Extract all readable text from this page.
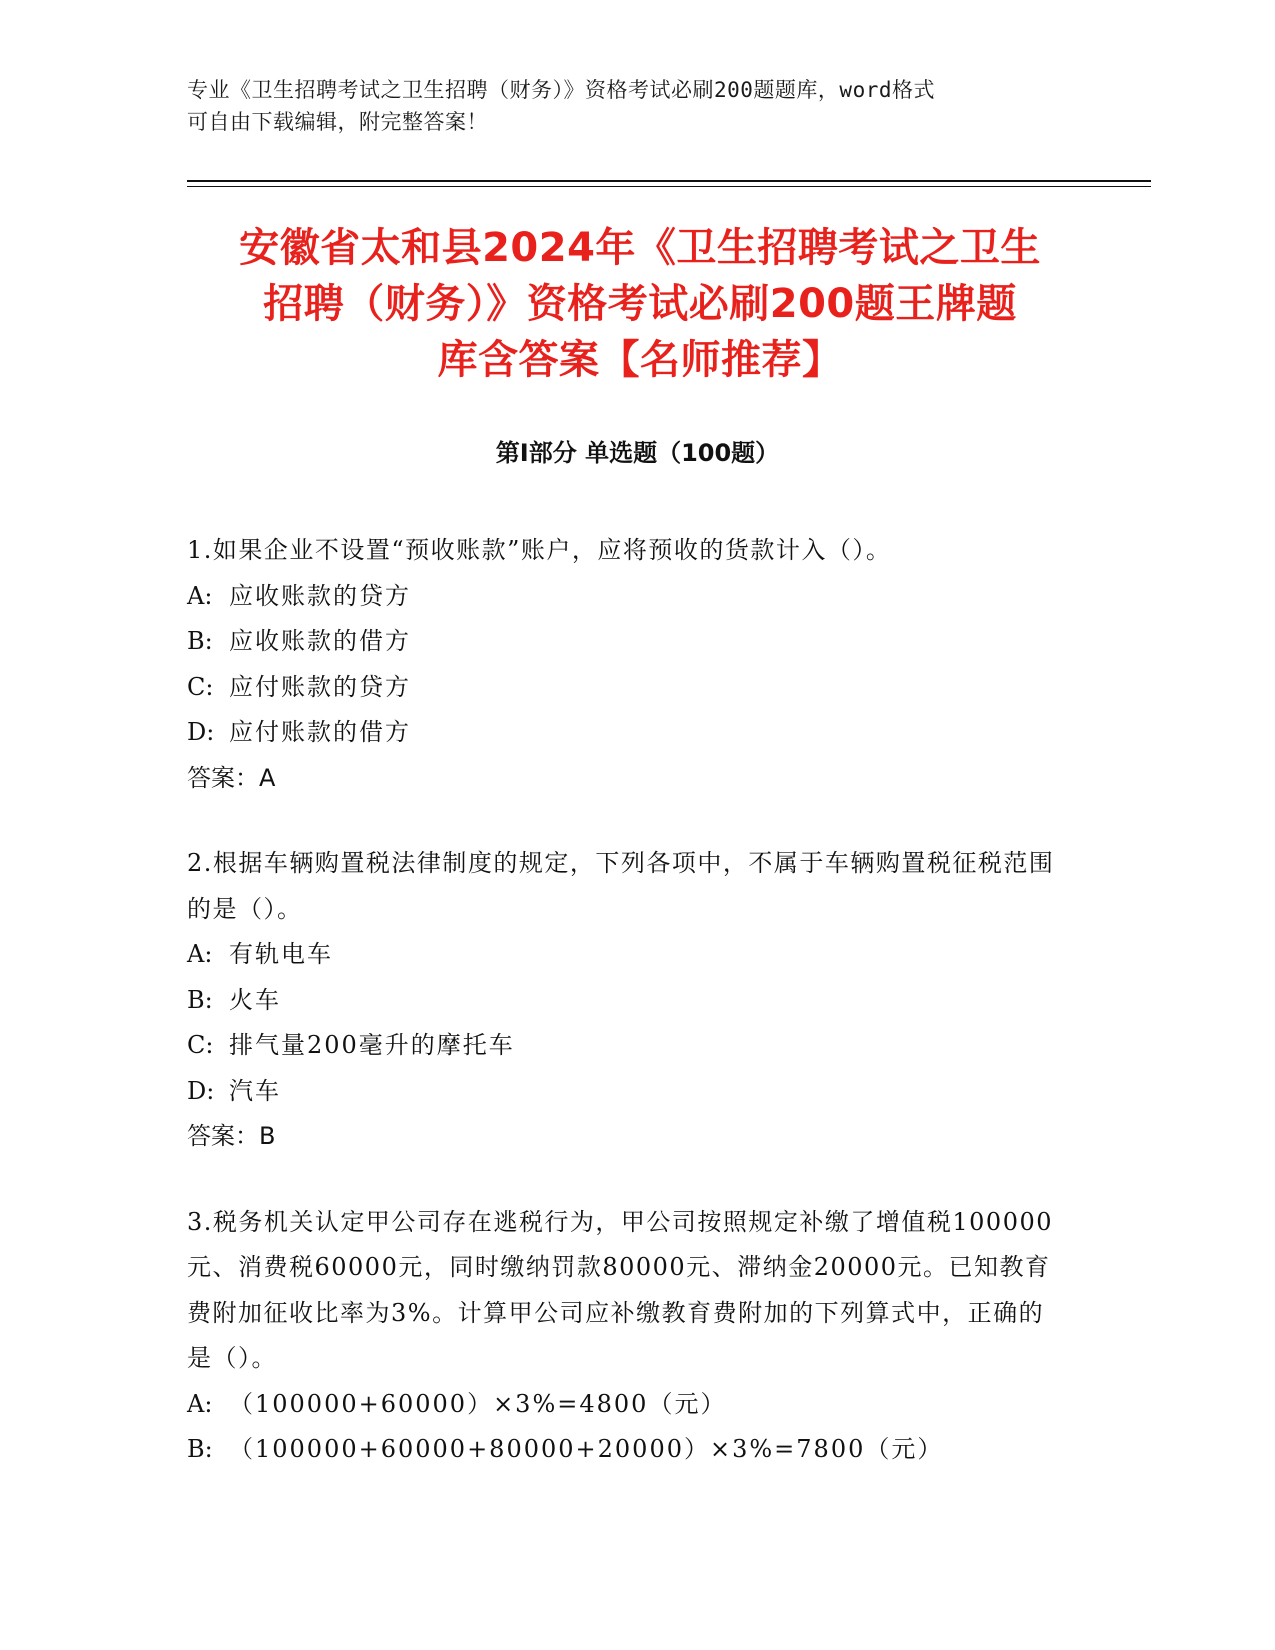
专业《卫生招聘考试之卫生招聘（财务）》资格考试必刷200题题库，word格式
可自由下载编辑，附完整答案！
安徽省太和县2024年《卫生招聘考试之卫生
招聘（财务）》资格考试必刷200题王牌题
库含答案【名师推荐】
第Ⅰ部分 单选题（100题）
1.如果企业不设置“预收账款”账户，应将预收的货款计入（）。
A: 应收账款的贷方
B: 应收账款的借方
C: 应付账款的贷方
D: 应付账款的借方
答案：A
2.根据车辆购置税法律制度的规定，下列各项中，不属于车辆购置税征税范围的是（）。
A: 有轨电车
B: 火车
C: 排气量200毫升的摩托车
D: 汽车
答案：B
3.税务机关认定甲公司存在逃税行为，甲公司按照规定补缴了增值税100000元、消费税60000元，同时缴纳罚款80000元、滞纳金20000元。已知教育费附加征收比率为3%。计算甲公司应补缴教育费附加的下列算式中，正确的是（）。
A: （100000+60000）×3%=4800（元）
B: （100000+60000+80000+20000）×3%=7800（元）
